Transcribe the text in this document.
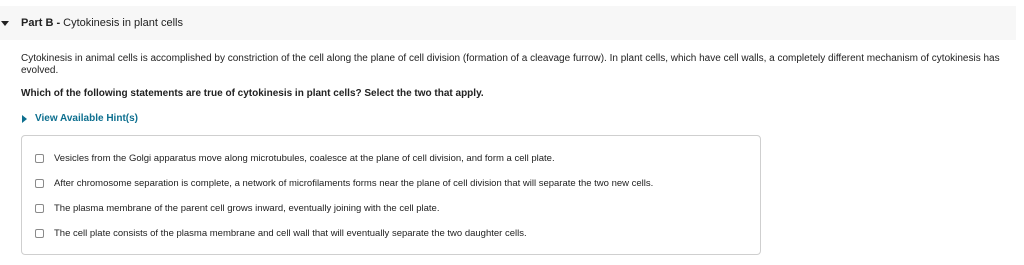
Part B - Cytokinesis in plant cells
Cytokinesis in animal cells is accomplished by constriction of the cell along the plane of cell division (formation of a cleavage furrow). In plant cells, which have cell walls, a completely different mechanism of cytokinesis has evolved.
Which of the following statements are true of cytokinesis in plant cells? Select the two that apply.
View Available Hint(s)
Vesicles from the Golgi apparatus move along microtubules, coalesce at the plane of cell division, and form a cell plate.
After chromosome separation is complete, a network of microfilaments forms near the plane of cell division that will separate the two new cells.
The plasma membrane of the parent cell grows inward, eventually joining with the cell plate.
The cell plate consists of the plasma membrane and cell wall that will eventually separate the two daughter cells.
